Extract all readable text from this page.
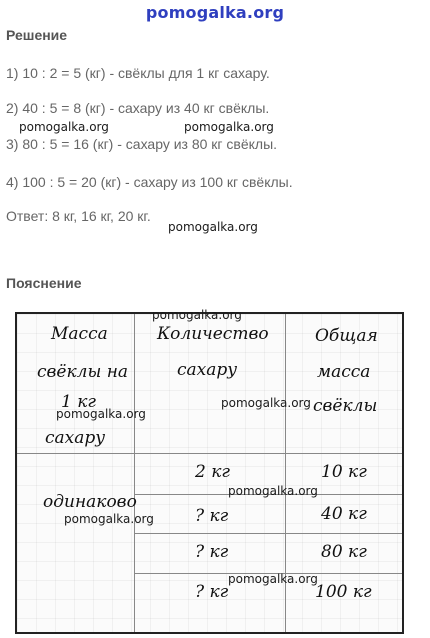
pomogalka.org
Решение
1) 10 : 2 = 5 (кг) - свёклы для 1 кг сахару.
2) 40 : 5 = 8 (кг) - сахару из 40 кг свёклы.
3) 80 : 5 = 16 (кг) - сахару из 80 кг свёклы.
4) 100 : 5 = 20 (кг) - сахару из 100 кг свёклы.
Ответ: 8 кг, 16 кг, 20 кг.
pomogalka.org	pomogalka.org
pomogalka.org
Пояснение
Масса
свёклы на
1 кг
сахару
Количество
сахару
Общая
масса
свёклы
одинаково
2 кг
? кг
? кг
? кг
10 кг
40 кг
80 кг
100 кг
pomogalka.org
pomogalka.org
pomogalka.org
pomogalka.org
pomogalka.org
pomogalka.org
